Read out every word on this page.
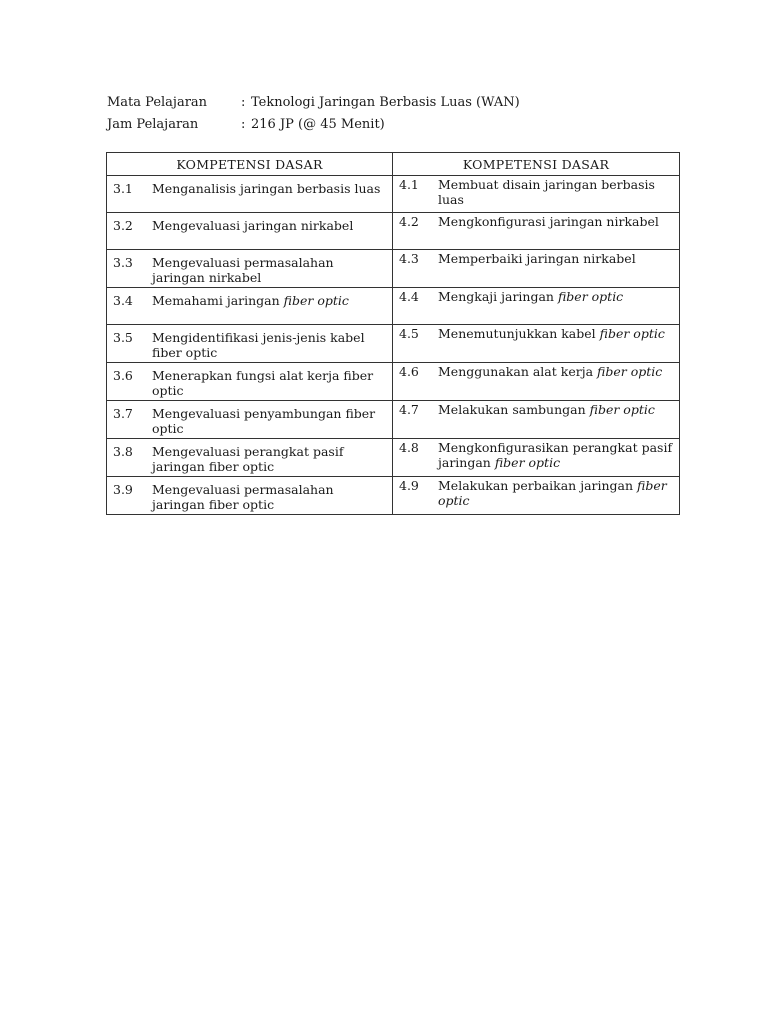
Mata Pelajaran	: Teknologi Jaringan Berbasis Luas (WAN)
Jam Pelajaran	: 216 JP (@ 45 Menit)
KOMPETENSI DASAR	KOMPETENSI DASAR

3.1 Menganalisis jaringan berbasis luas	4.1 Membuat disain jaringan berbasis luas

3.2 Mengevaluasi jaringan nirkabel	4.2 Mengkonfigurasi jaringan nirkabel

3.3 Mengevaluasi permasalahan jaringan nirkabel	4.3 Memperbaiki jaringan nirkabel

3.4 Memahami jaringan fiber optic	4.4 Mengkaji jaringan fiber optic

3.5 Mengidentifikasi jenis-jenis kabel fiber optic	4.5 Menemutunjukkan kabel fiber optic

3.6 Menerapkan fungsi alat kerja fiber optic	4.6 Menggunakan alat kerja fiber optic

3.7 Mengevaluasi penyambungan fiber optic	4.7 Melakukan sambungan fiber optic

3.8 Mengevaluasi perangkat pasif jaringan fiber optic	4.8 Mengkonfigurasikan perangkat pasif jaringan fiber optic

3.9 Mengevaluasi permasalahan jaringan fiber optic	4.9 Melakukan perbaikan jaringan fiber optic
